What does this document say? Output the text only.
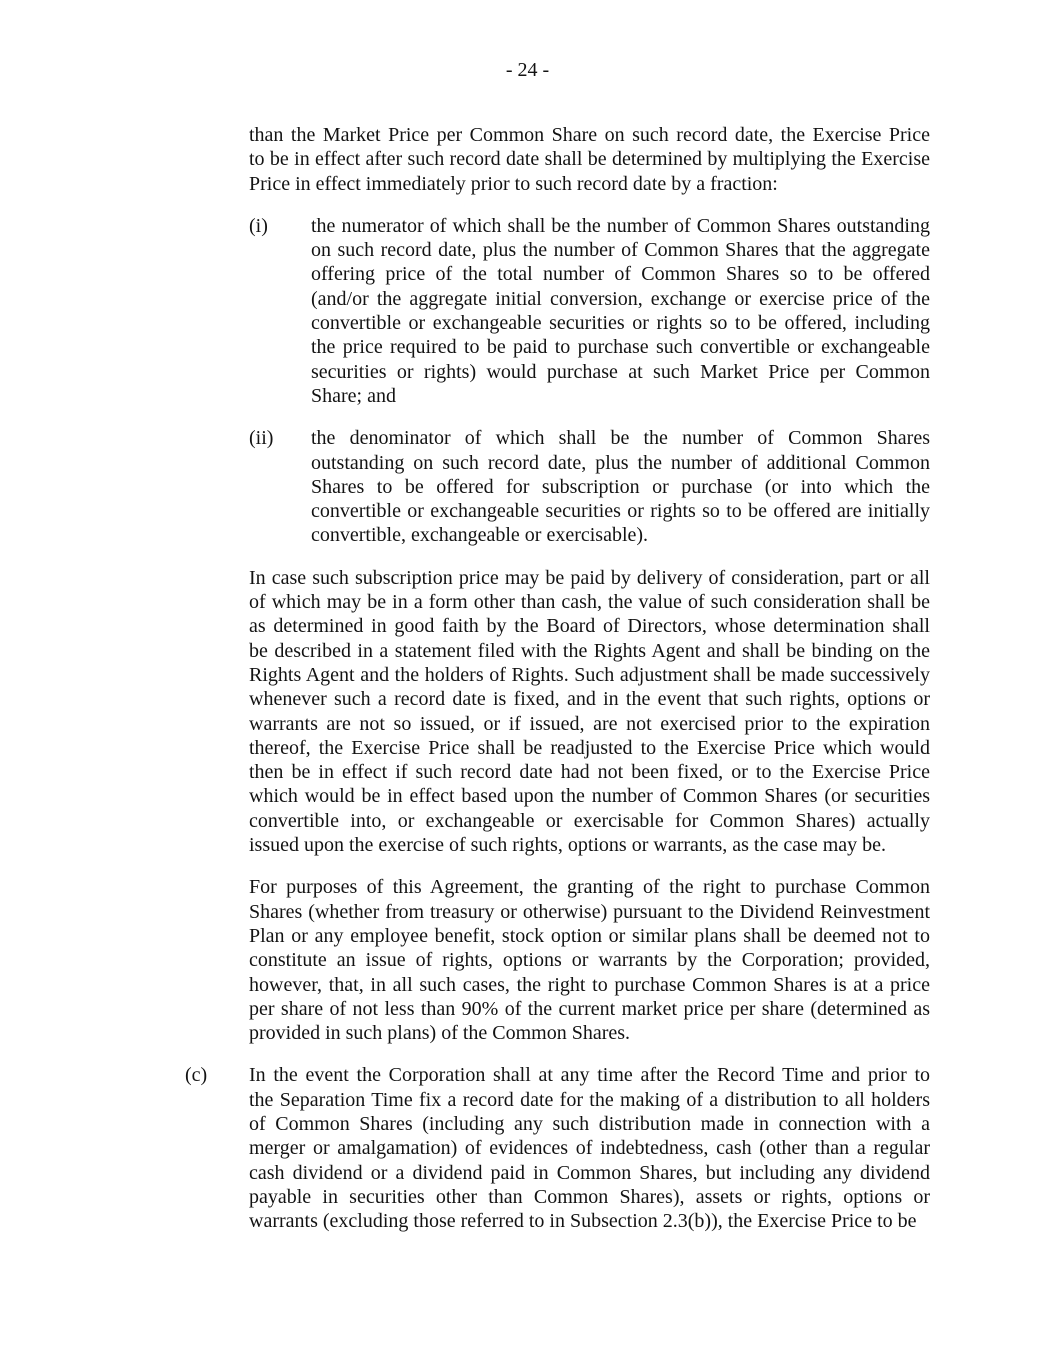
- 24 -
than the Market Price per Common Share on such record date, the Exercise Price
to be in effect after such record date shall be determined by multiplying the Exercise
Price in effect immediately prior to such record date by a fraction:
(i)	the numerator of which shall be the number of Common Shares outstanding
on such record date, plus the number of Common Shares that the aggregate
offering price of the total number of Common Shares so to be offered
(and/or the aggregate initial conversion, exchange or exercise price of the
convertible or exchangeable securities or rights so to be offered, including
the price required to be paid to purchase such convertible or exchangeable
securities or rights) would purchase at such Market Price per Common
Share; and
(ii)	the denominator of which shall be the number of Common Shares
outstanding on such record date, plus the number of additional Common
Shares to be offered for subscription or purchase (or into which the
convertible or exchangeable securities or rights so to be offered are initially
convertible, exchangeable or exercisable).
In case such subscription price may be paid by delivery of consideration, part or all
of which may be in a form other than cash, the value of such consideration shall be
as determined in good faith by the Board of Directors, whose determination shall
be described in a statement filed with the Rights Agent and shall be binding on the
Rights Agent and the holders of Rights. Such adjustment shall be made successively
whenever such a record date is fixed, and in the event that such rights, options or
warrants are not so issued, or if issued, are not exercised prior to the expiration
thereof, the Exercise Price shall be readjusted to the Exercise Price which would
then be in effect if such record date had not been fixed, or to the Exercise Price
which would be in effect based upon the number of Common Shares (or securities
convertible into, or exchangeable or exercisable for Common Shares) actually
issued upon the exercise of such rights, options or warrants, as the case may be.
For purposes of this Agreement, the granting of the right to purchase Common
Shares (whether from treasury or otherwise) pursuant to the Dividend Reinvestment
Plan or any employee benefit, stock option or similar plans shall be deemed not to
constitute an issue of rights, options or warrants by the Corporation; provided,
however, that, in all such cases, the right to purchase Common Shares is at a price
per share of not less than 90% of the current market price per share (determined as
provided in such plans) of the Common Shares.
(c)	In the event the Corporation shall at any time after the Record Time and prior to
the Separation Time fix a record date for the making of a distribution to all holders
of Common Shares (including any such distribution made in connection with a
merger or amalgamation) of evidences of indebtedness, cash (other than a regular
cash dividend or a dividend paid in Common Shares, but including any dividend
payable in securities other than Common Shares), assets or rights, options or
warrants (excluding those referred to in Subsection 2.3(b)), the Exercise Price to be
